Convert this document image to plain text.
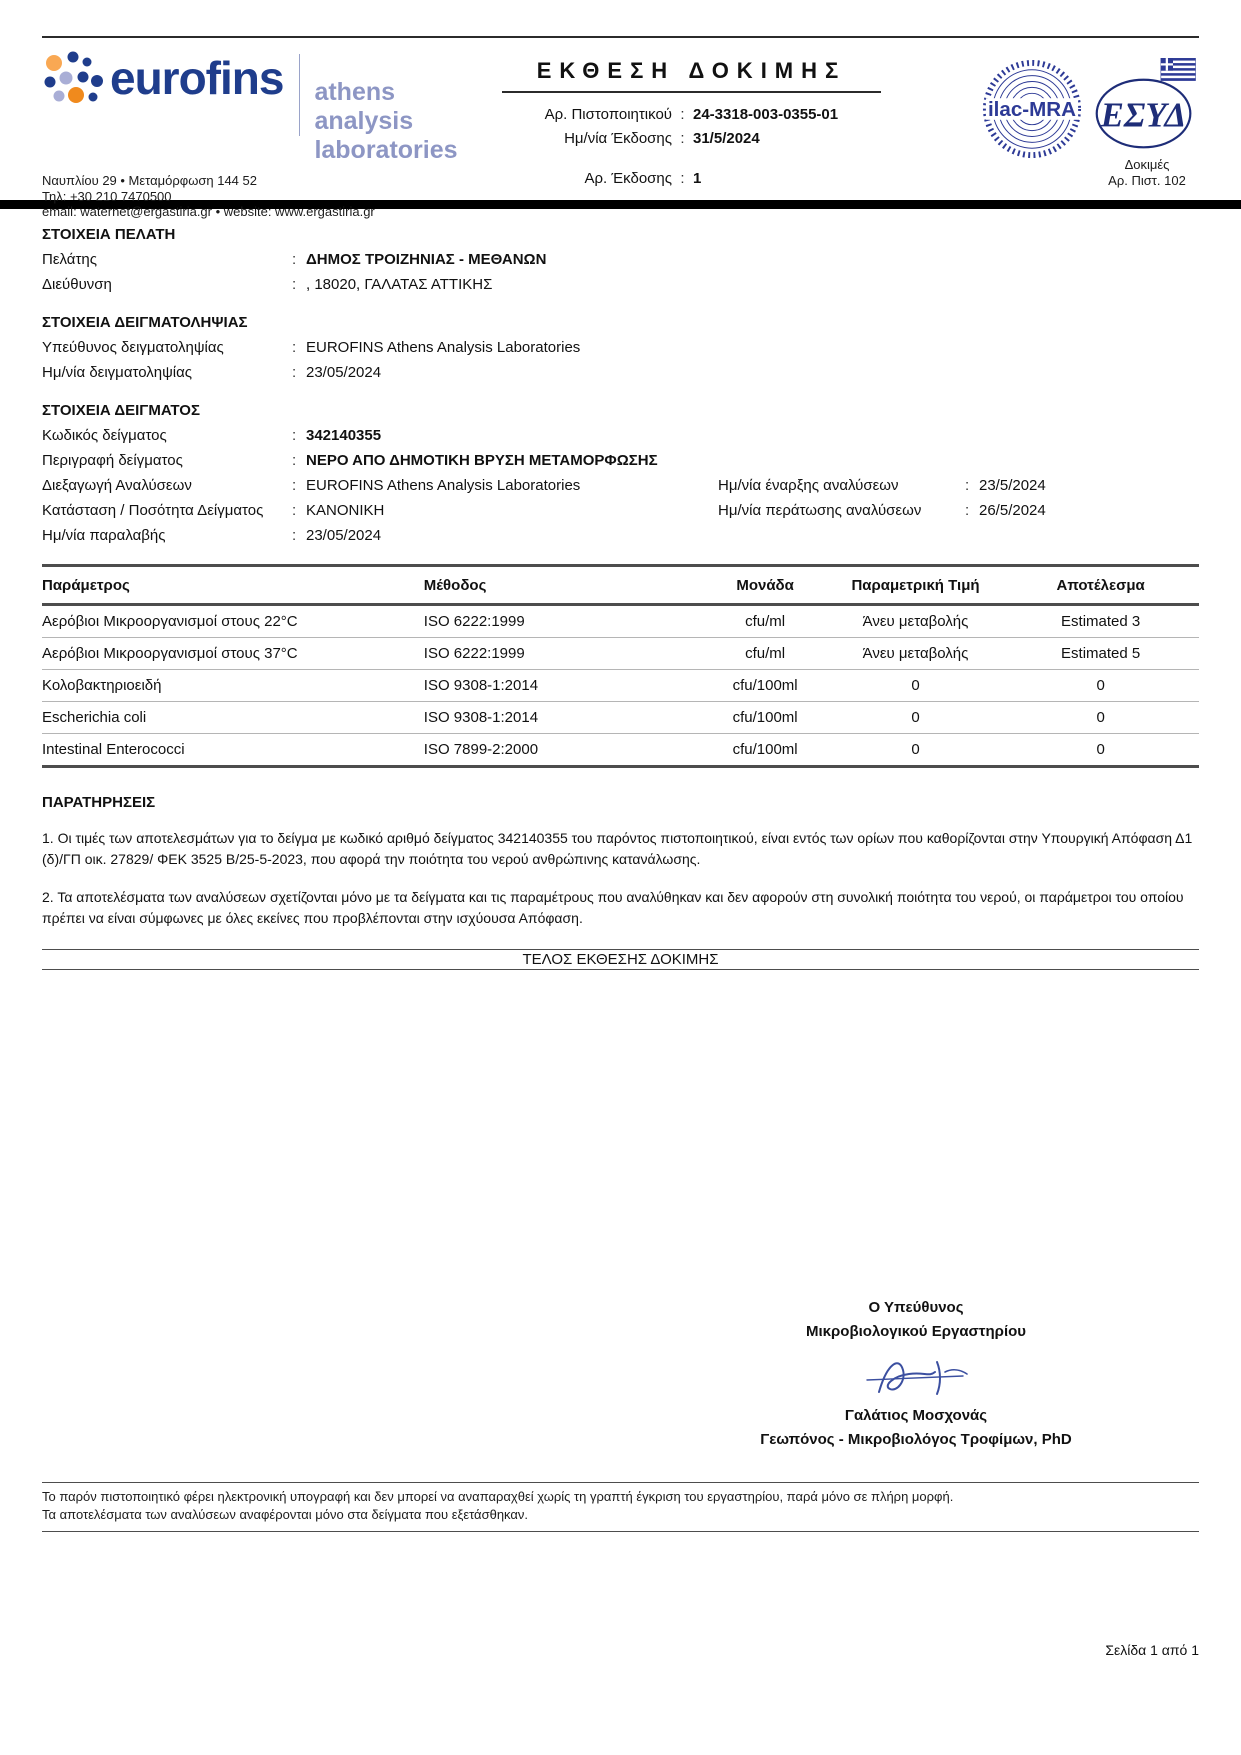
eurofins athens analysis
laboratories
Ναυπλίου 29 • Μεταμόρφωση 144 52
Τηλ: +30 210 7470500
email: waternet@ergastiria.gr • website: www.ergastiria.gr
ΕΚΘΕΣΗ ΔΟΚΙΜΗΣ
Αρ. Πιστοποιητικού : 24-3318-003-0355-01
Ημ/νία Έκδοσης : 31/5/2024
Αρ. Έκδοσης : 1
ilac-MRA ΕΣΥΔ
Δοκιμές
Αρ. Πιστ. 102
ΣΤΟΙΧΕΙΑ ΠΕΛΑΤΗ
Πελάτης	: ΔΗΜΟΣ ΤΡΟΙΖΗΝΙΑΣ - ΜΕΘΑΝΩΝ
Διεύθυνση	: , 18020, ΓΑΛΑΤΑΣ ΑΤΤΙΚΗΣ
ΣΤΟΙΧΕΙΑ ΔΕΙΓΜΑΤΟΛΗΨΙΑΣ
Υπεύθυνος δειγματοληψίας	: EUROFINS Athens Analysis Laboratories
Ημ/νία δειγματοληψίας	: 23/05/2024
ΣΤΟΙΧΕΙΑ ΔΕΙΓΜΑΤΟΣ
Κωδικός δείγματος	: 342140355
Περιγραφή δείγματος	: ΝΕΡΟ ΑΠΟ ΔΗΜΟΤΙΚΗ ΒΡΥΣΗ ΜΕΤΑΜΟΡΦΩΣΗΣ
Διεξαγωγή Αναλύσεων	: EUROFINS Athens Analysis Laboratories	Ημ/νία έναρξης αναλύσεων	: 23/5/2024
Κατάσταση / Ποσότητα Δείγματος	: ΚΑΝΟΝΙΚΗ	Ημ/νία περάτωσης αναλύσεων	: 26/5/2024
Ημ/νία παραλαβής	: 23/05/2024
Παράμετρος	Μέθοδος	Μονάδα	Παραμετρική Τιμή	Αποτέλεσμα
Αερόβιοι Μικροοργανισμοί στους 22°C	ISO 6222:1999	cfu/ml	Άνευ μεταβολής	Estimated 3
Αερόβιοι Μικροοργανισμοί στους 37°C	ISO 6222:1999	cfu/ml	Άνευ μεταβολής	Estimated 5
Κολοβακτηριοειδή	ISO 9308-1:2014	cfu/100ml	0	0
Escherichia coli	ISO 9308-1:2014	cfu/100ml	0	0
Intestinal Enterococci	ISO 7899-2:2000	cfu/100ml	0	0
ΠΑΡΑΤΗΡΗΣΕΙΣ

1. Οι τιμές των αποτελεσμάτων για το δείγμα με κωδικό αριθμό δείγματος 342140355 του παρόντος πιστοποιητικού, είναι εντός των ορίων που καθορίζονται στην Υπουργική Απόφαση Δ1 (δ)/ΓΠ οικ. 27829/ ΦΕΚ 3525 Β/25-5-2023, που αφορά την ποιότητα του νερού ανθρώπινης κατανάλωσης.

2. Τα αποτελέσματα των αναλύσεων σχετίζονται μόνο με τα δείγματα και τις παραμέτρους που αναλύθηκαν και δεν αφορούν στη συνολική ποιότητα του νερού, οι παράμετροι του οποίου πρέπει να είναι σύμφωνες με όλες εκείνες που προβλέπονται στην ισχύουσα Απόφαση.

ΤΕΛΟΣ ΕΚΘΕΣΗΣ ΔΟΚΙΜΗΣ
Ο Υπεύθυνος
Μικροβιολογικού Εργαστηρίου
Γαλάτιος Μοσχονάς
Γεωπόνος - Μικροβιολόγος Τροφίμων, PhD
Το παρόν πιστοποιητικό φέρει ηλεκτρονική υπογραφή και δεν μπορεί να αναπαραχθεί χωρίς τη γραπτή έγκριση του εργαστηρίου, παρά μόνο σε πλήρη μορφή.
Τα αποτελέσματα των αναλύσεων αναφέρονται μόνο στα δείγματα που εξετάσθηκαν.
Σελίδα 1 από 1
